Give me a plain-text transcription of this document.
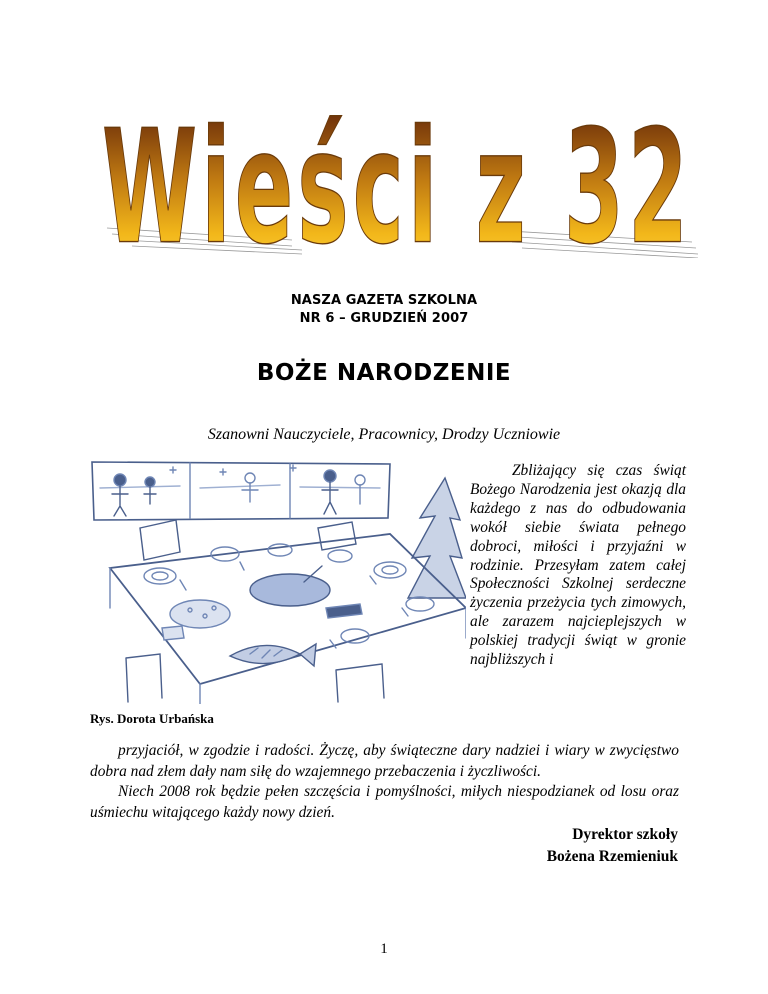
Wieści z 32
NASZA GAZETA SZKOLNA
NR 6 – GRUDZIEŃ 2007
BOŻE NARODZENIE
Szanowni Nauczyciele, Pracownicy, Drodzy Uczniowie
Rys. Dorota Urbańska
Zbliżający się czas świąt Bożego Narodzenia jest okazją dla każdego z nas do odbudowania wokół siebie świata pełnego dobroci, miłości i przyjaźni w rodzinie. Przesyłam zatem całej Społeczności Szkolnej serdeczne życzenia przeżycia tych zimowych, ale zarazem najcieplejszych w polskiej tradycji świąt w gronie najbliższych i

przyjaciół, w zgodzie i radości. Życzę, aby świąteczne dary nadziei i wiary w zwycięstwo dobra nad złem dały nam siłę do wzajemnego przebaczenia i życzliwości.

Niech 2008 rok będzie pełen szczęścia i pomyślności, miłych niespodzianek od losu oraz uśmiechu witającego każdy nowy dzień.

Dyrektor szkoły
Bożena Rzemieniuk
1
